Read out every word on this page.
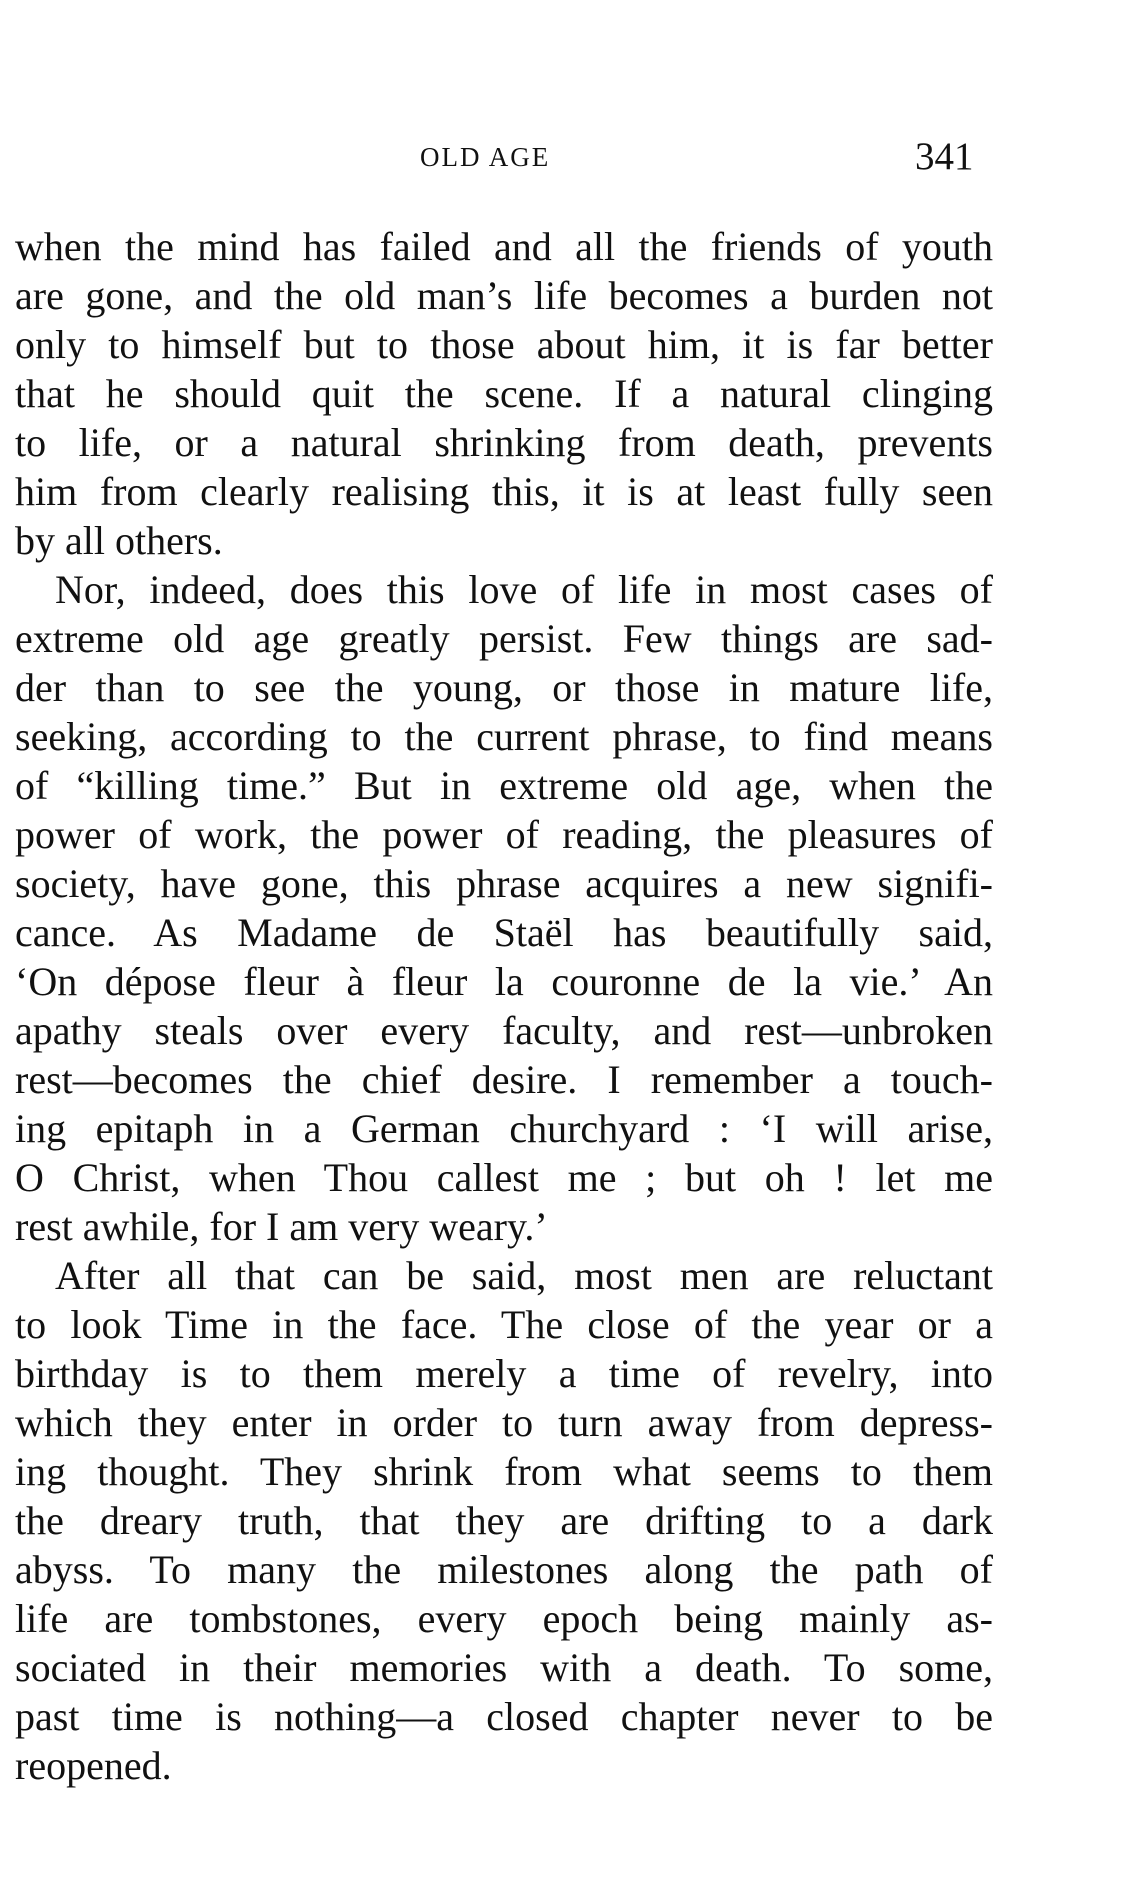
OLD AGE	341
when the mind has failed and all the friends of youth
are gone, and the old man’s life becomes a burden not
only to himself but to those about him, it is far better
that he should quit the scene. If a natural clinging
to life, or a natural shrinking from death, prevents
him from clearly realising this, it is at least fully seen
by all others.
Nor, indeed, does this love of life in most cases of
extreme old age greatly persist. Few things are sad-
der than to see the young, or those in mature life,
seeking, according to the current phrase, to find means
of “killing time.” But in extreme old age, when the
power of work, the power of reading, the pleasures of
society, have gone, this phrase acquires a new signifi-
cance. As Madame de Staël has beautifully said,
‘On dépose fleur à fleur la couronne de la vie.’ An
apathy steals over every faculty, and rest—unbroken
rest—becomes the chief desire. I remember a touch-
ing epitaph in a German churchyard : ‘I will arise,
O Christ, when Thou callest me ; but oh ! let me
rest awhile, for I am very weary.’
After all that can be said, most men are reluctant
to look Time in the face. The close of the year or a
birthday is to them merely a time of revelry, into
which they enter in order to turn away from depress-
ing thought. They shrink from what seems to them
the dreary truth, that they are drifting to a dark
abyss. To many the milestones along the path of
life are tombstones, every epoch being mainly as-
sociated in their memories with a death. To some,
past time is nothing—a closed chapter never to be
reopened.
